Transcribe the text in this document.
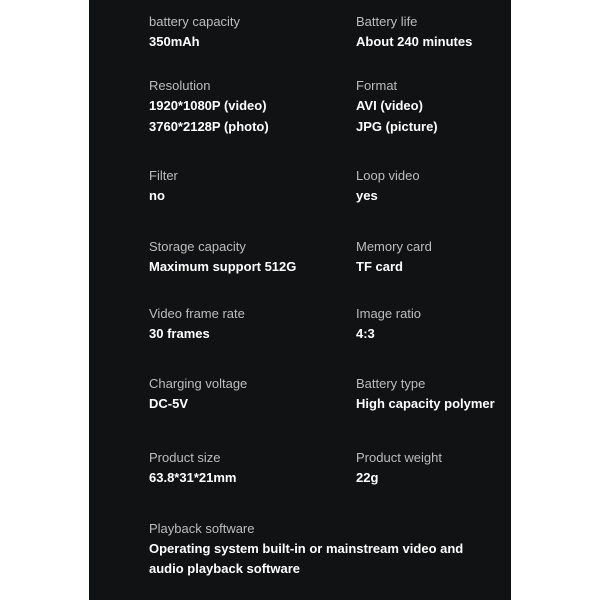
battery capacity
350mAh
Battery life
About 240 minutes
Resolution
1920*1080P (video)
3760*2128P (photo)
Format
AVI (video)
JPG (picture)
Filter
no
Loop video
yes
Storage capacity
Maximum support 512G
Memory card
TF card
Video frame rate
30 frames
Image ratio
4:3
Charging voltage
DC-5V
Battery type
High capacity polymer
Product size
63.8*31*21mm
Product weight
22g
Playback software
Operating system built-in or mainstream video and audio playback software
